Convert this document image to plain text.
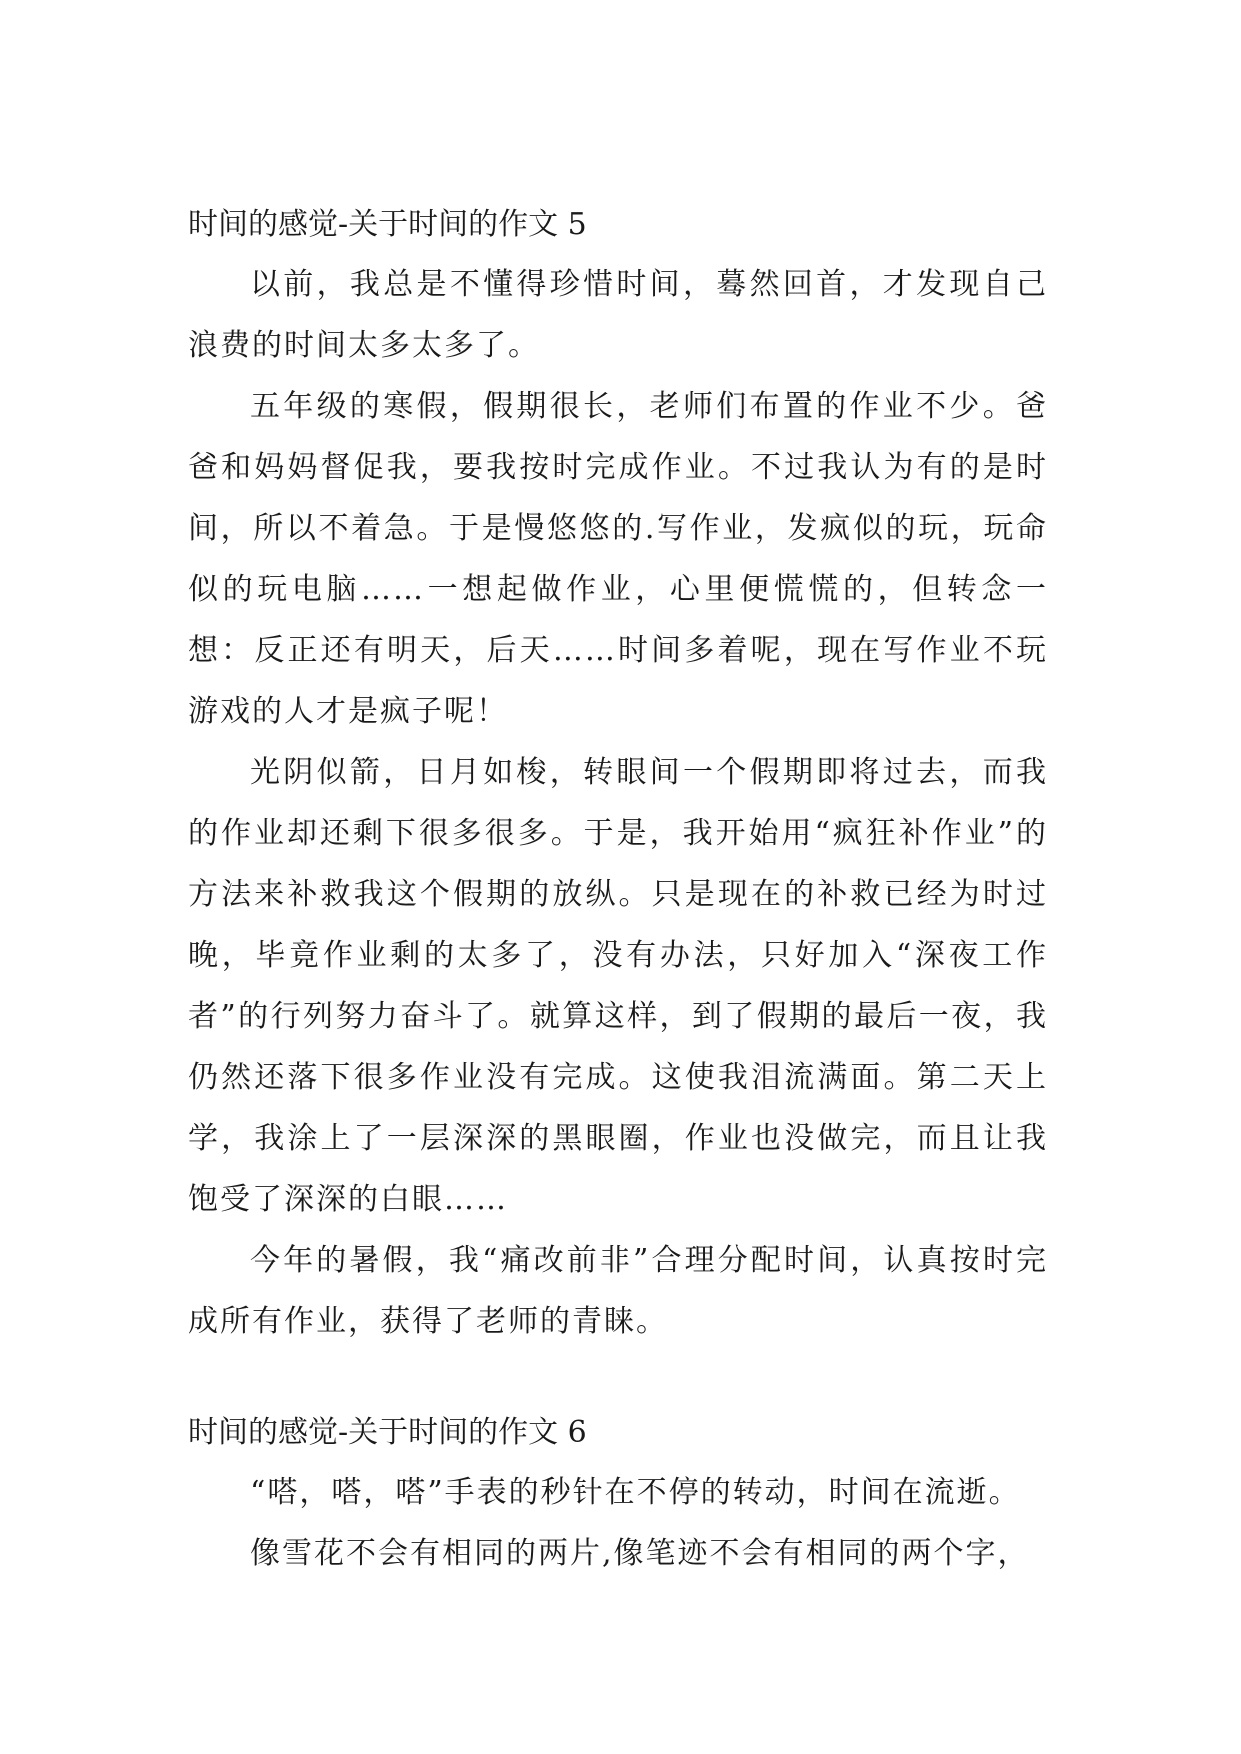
时间的感觉-关于时间的作文 5

以前，我总是不懂得珍惜时间，蓦然回首，才发现自己浪费的时间太多太多了。

五年级的寒假，假期很长，老师们布置的作业不少。爸爸和妈妈督促我，要我按时完成作业。不过我认为有的是时间，所以不着急。于是慢悠悠的.写作业，发疯似的玩，玩命似的玩电脑……一想起做作业，心里便慌慌的，但转念一想：反正还有明天，后天……时间多着呢，现在写作业不玩游戏的人才是疯子呢！

光阴似箭，日月如梭，转眼间一个假期即将过去，而我的作业却还剩下很多很多。于是，我开始用“疯狂补作业”的方法来补救我这个假期的放纵。只是现在的补救已经为时过晚，毕竟作业剩的太多了，没有办法，只好加入“深夜工作者”的行列努力奋斗了。就算这样，到了假期的最后一夜，我仍然还落下很多作业没有完成。这使我泪流满面。第二天上学，我涂上了一层深深的黑眼圈，作业也没做完，而且让我饱受了深深的白眼……

今年的暑假，我“痛改前非”合理分配时间，认真按时完成所有作业，获得了老师的青睐。

时间的感觉-关于时间的作文 6

“嗒，嗒，嗒”手表的秒针在不停的转动，时间在流逝。

像雪花不会有相同的两片,像笔迹不会有相同的两个字，
